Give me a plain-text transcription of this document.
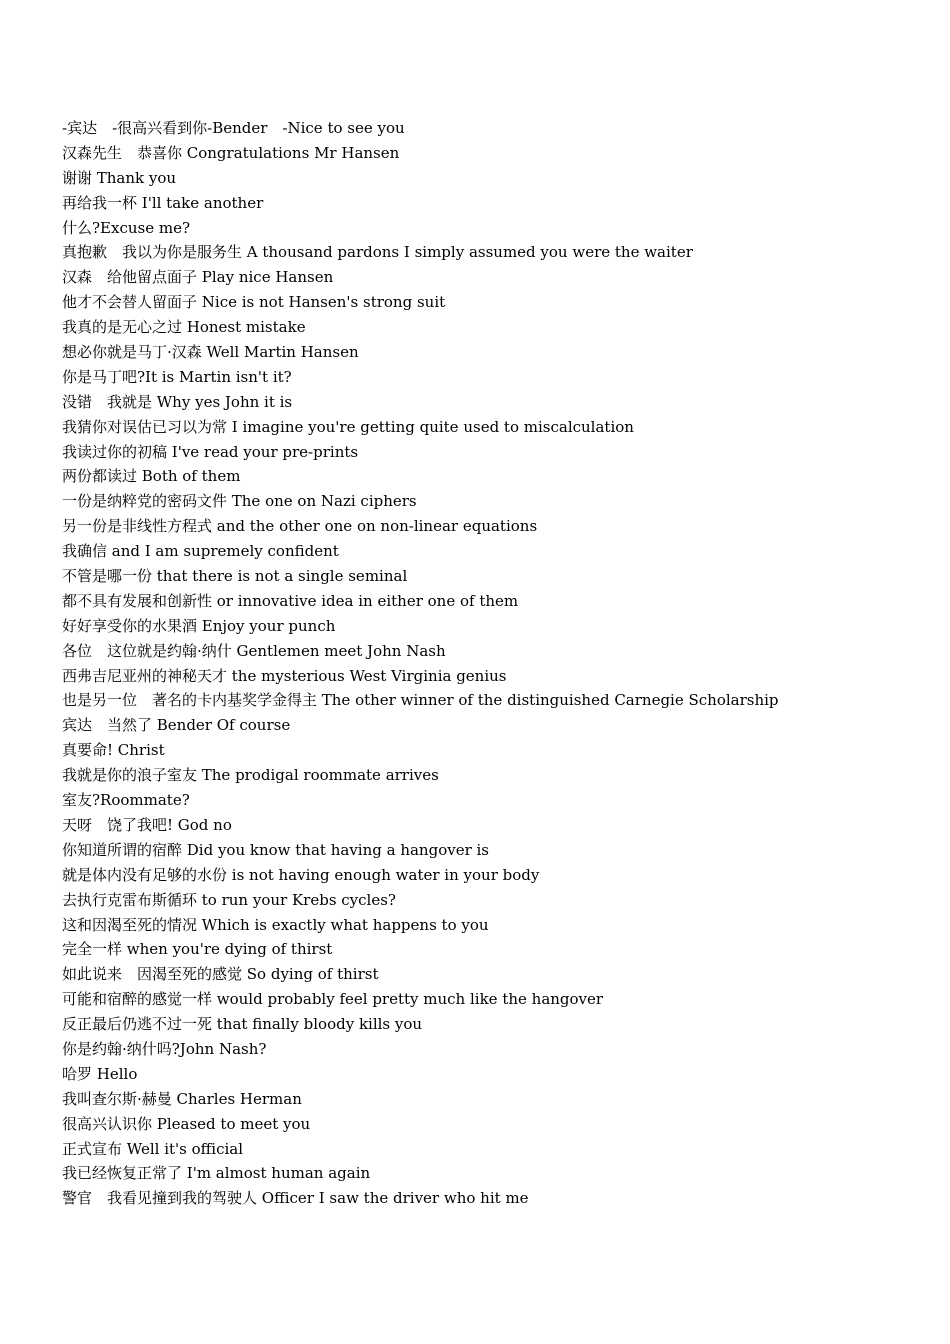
-宾达　-很高兴看到你-Bender　-Nice to see you
汉森先生　恭喜你 Congratulations Mr Hansen
谢谢 Thank you
再给我一杯 I'll take another
什么?Excuse me?
真抱歉　我以为你是服务生 A thousand pardons I simply assumed you were the waiter
汉森　给他留点面子 Play nice Hansen
他才不会替人留面子 Nice is not Hansen's strong suit
我真的是无心之过 Honest mistake
想必你就是马丁·汉森 Well Martin Hansen
你是马丁吧?It is Martin isn't it?
没错　我就是 Why yes John it is
我猜你对误估已习以为常 I imagine you're getting quite used to miscalculation
我读过你的初稿 I've read your pre-prints
两份都读过 Both of them
一份是纳粹党的密码文件 The one on Nazi ciphers
另一份是非线性方程式 and the other one on non-linear equations
我确信 and I am supremely confident
不管是哪一份 that there is not a single seminal
都不具有发展和创新性 or innovative idea in either one of them
好好享受你的水果酒 Enjoy your punch
各位　这位就是约翰·纳什 Gentlemen meet John Nash
西弗吉尼亚州的神秘天才 the mysterious West Virginia genius
也是另一位　著名的卡内基奖学金得主 The other winner of the distinguished Carnegie Scholarship
宾达　当然了 Bender Of course
真要命! Christ
我就是你的浪子室友 The prodigal roommate arrives
室友?Roommate?
天呀　饶了我吧! God no
你知道所谓的宿醉 Did you know that having a hangover is
就是体内没有足够的水份 is not having enough water in your body
去执行克雷布斯循环 to run your Krebs cycles?
这和因渴至死的情况 Which is exactly what happens to you
完全一样 when you're dying of thirst
如此说来　因渴至死的感觉 So dying of thirst
可能和宿醉的感觉一样 would probably feel pretty much like the hangover
反正最后仍逃不过一死 that finally bloody kills you
你是约翰·纳什吗?John Nash?
哈罗 Hello
我叫查尔斯·赫曼 Charles Herman
很高兴认识你 Pleased to meet you
正式宣布 Well it's official
我已经恢复正常了 I'm almost human again
警官　我看见撞到我的驾驶人 Officer I saw the driver who hit me
